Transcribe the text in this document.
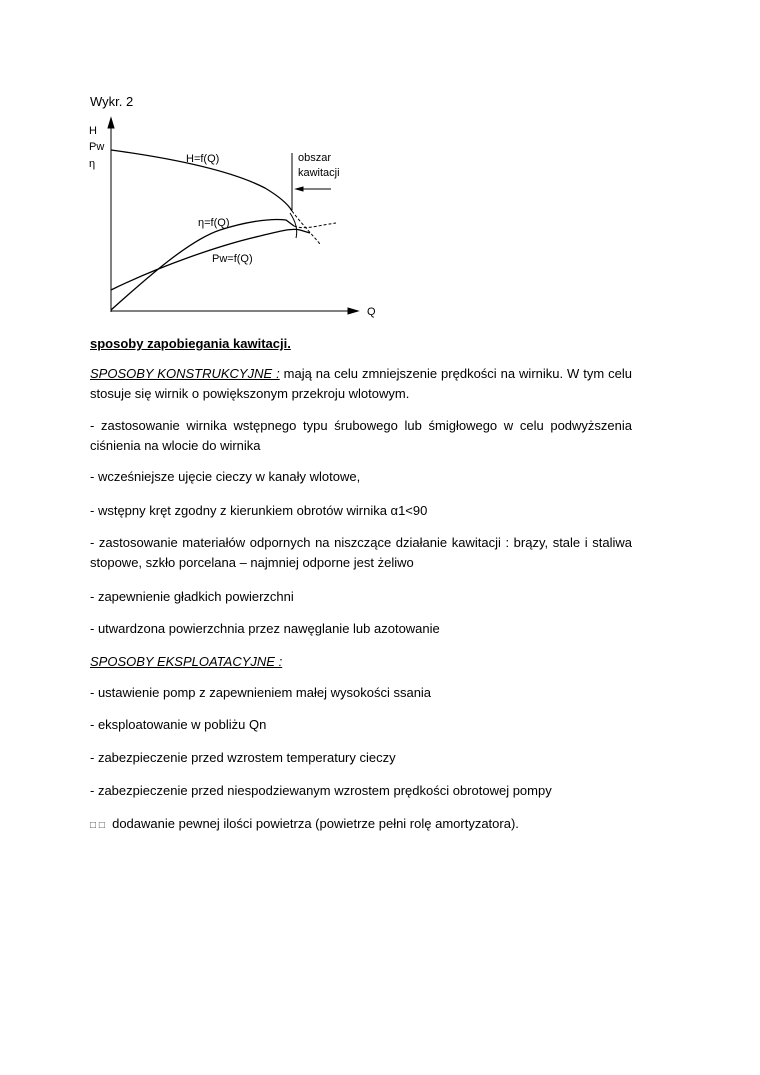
Wykr. 2
H
Pw
η
Q
H=f(Q)
η=f(Q)
Pw=f(Q)
obszar
kawitacji
sposoby zapobiegania kawitacji.
SPOSOBY KONSTRUKCYJNE : mają na celu zmniejszenie prędkości na wirniku. W tym celu
stosuje się wirnik o powiększonym przekroju wlotowym.
- zastosowanie wirnika wstępnego typu śrubowego lub śmigłowego w celu podwyższenia
ciśnienia na wlocie do wirnika
- wcześniejsze ujęcie cieczy w kanały wlotowe,
- wstępny kręt zgodny z kierunkiem obrotów wirnika α1<90
- zastosowanie materiałów odpornych na niszczące działanie kawitacji : brązy, stale i staliwa
stopowe, szkło porcelana – najmniej odporne jest żeliwo
- zapewnienie gładkich powierzchni
- utwardzona powierzchnia przez nawęglanie lub azotowanie
SPOSOBY EKSPLOATACYJNE :
- ustawienie pomp z zapewnieniem małej wysokości ssania
- eksploatowanie w pobliżu Qn
- zabezpieczenie przed wzrostem temperatury cieczy
- zabezpieczenie przed niespodziewanym wzrostem prędkości obrotowej pompy
□ □ dodawanie pewnej ilości powietrza (powietrze pełni rolę amortyzatora).
